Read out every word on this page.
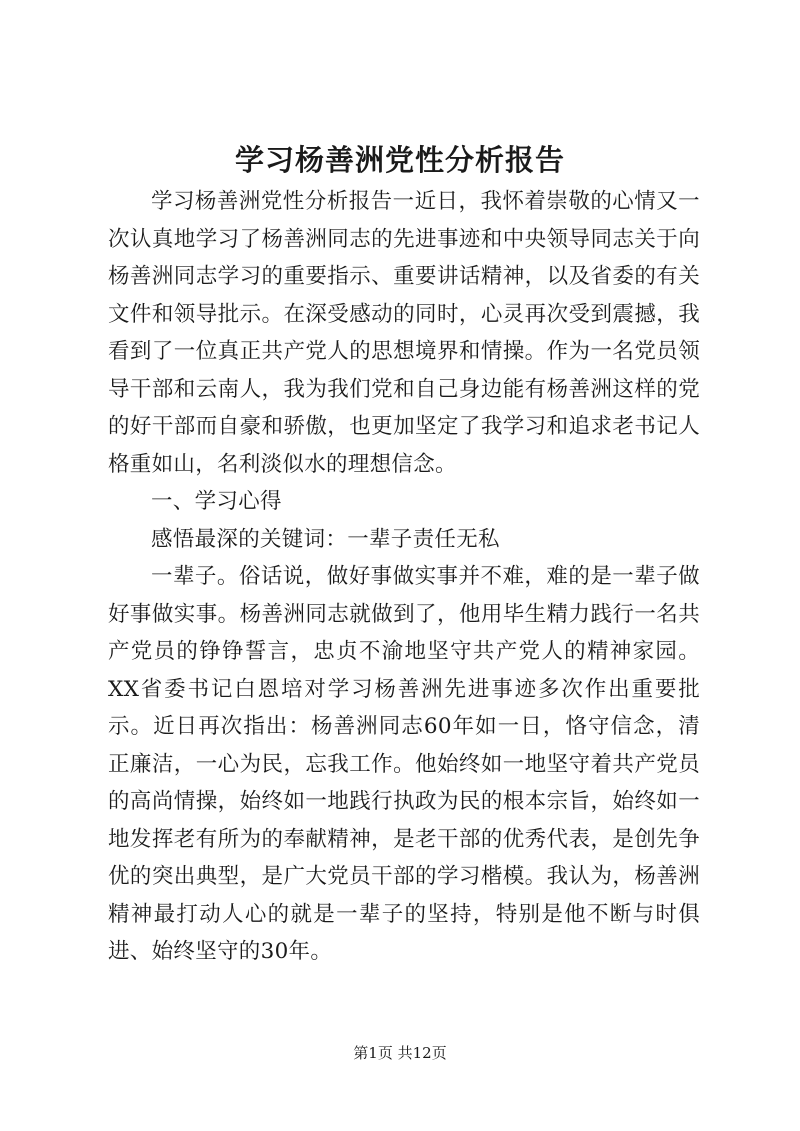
学习杨善洲党性分析报告

学习杨善洲党性分析报告一近日，我怀着崇敬的心情又一次认真地学习了杨善洲同志的先进事迹和中央领导同志关于向杨善洲同志学习的重要指示、重要讲话精神，以及省委的有关文件和领导批示。在深受感动的同时，心灵再次受到震撼，我看到了一位真正共产党人的思想境界和情操。作为一名党员领导干部和云南人，我为我们党和自己身边能有杨善洲这样的党的好干部而自豪和骄傲，也更加坚定了我学习和追求老书记人格重如山，名利淡似水的理想信念。

一、学习心得

感悟最深的关键词：一辈子责任无私

一辈子。俗话说，做好事做实事并不难，难的是一辈子做好事做实事。杨善洲同志就做到了，他用毕生精力践行一名共产党员的铮铮誓言，忠贞不渝地坚守共产党人的精神家园。XX省委书记白恩培对学习杨善洲先进事迹多次作出重要批示。近日再次指出：杨善洲同志60年如一日，恪守信念，清正廉洁，一心为民，忘我工作。他始终如一地坚守着共产党员的高尚情操，始终如一地践行执政为民的根本宗旨，始终如一地发挥老有所为的奉献精神，是老干部的优秀代表，是创先争优的突出典型，是广大党员干部的学习楷模。我认为，杨善洲精神最打动人心的就是一辈子的坚持，特别是他不断与时俱进、始终坚守的30年。

第1页 共12页
